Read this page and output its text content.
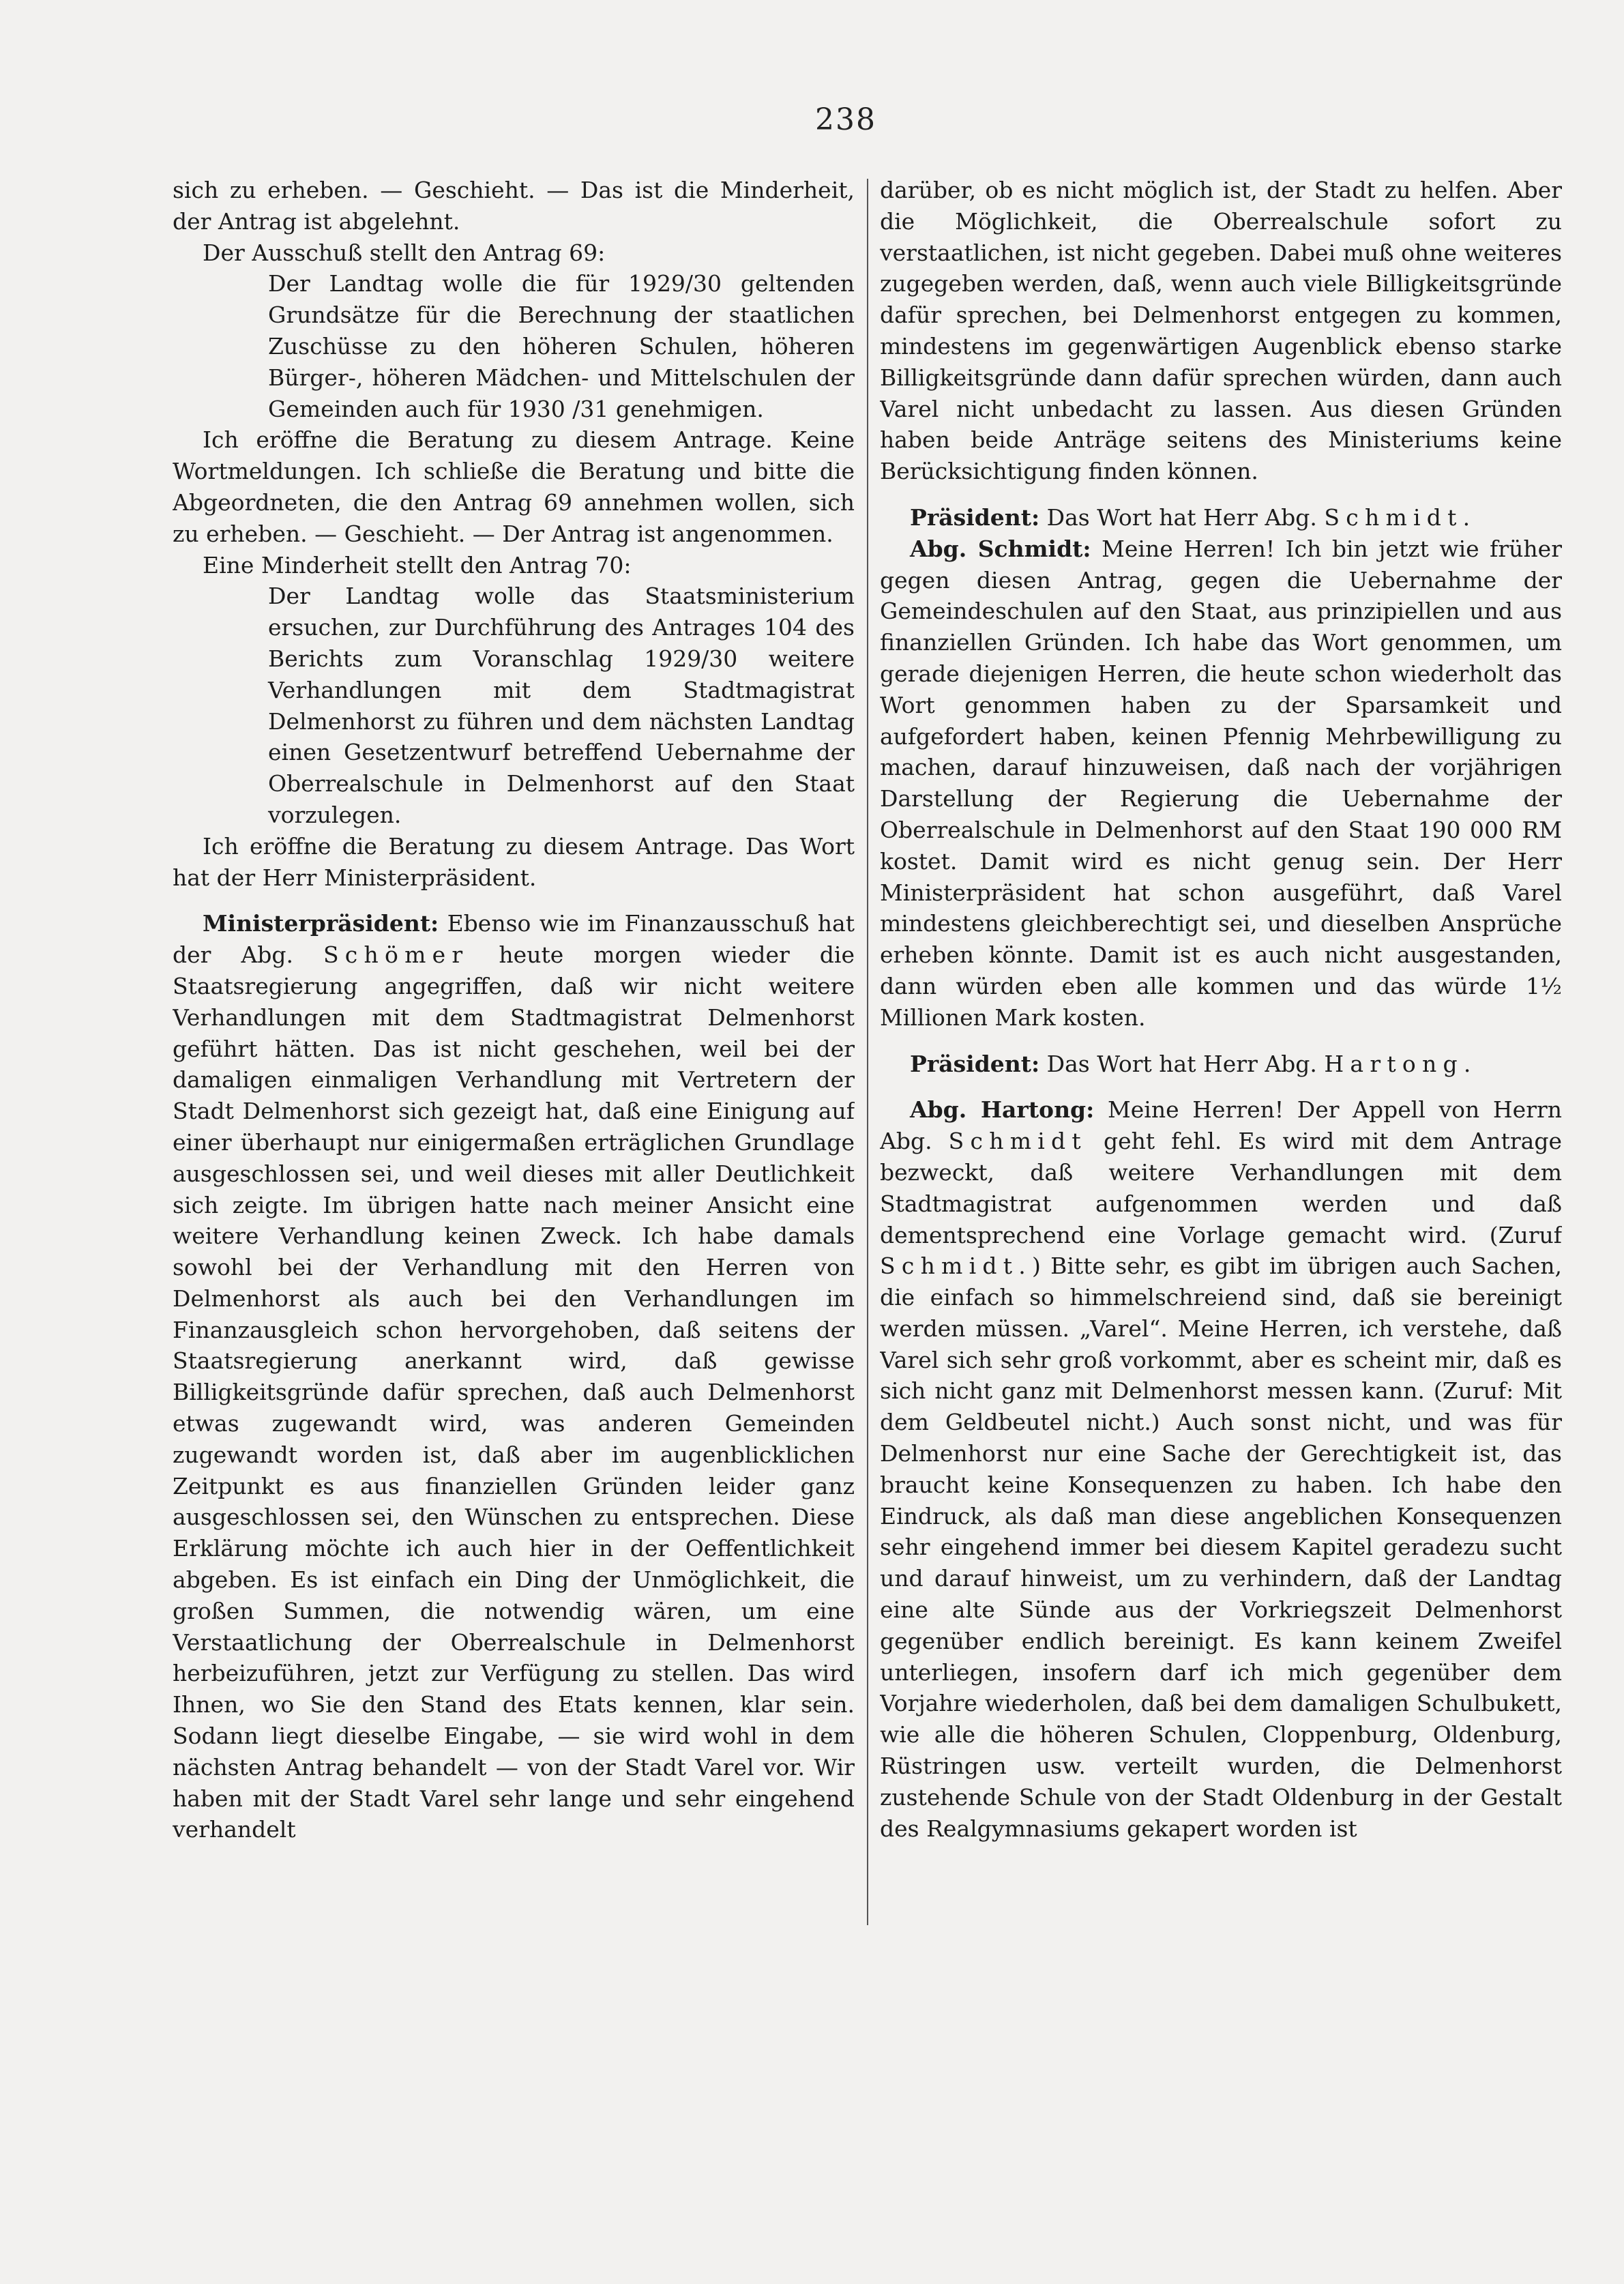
238

sich zu erheben. — Geschieht. — Das ist die Minderheit, der Antrag ist abgelehnt.

Der Ausschuß stellt den Antrag 69:

Der Landtag wolle die für 1929/30 geltenden Grundsätze für die Berechnung der staatlichen Zuschüsse zu den höheren Schulen, höheren Bürger-, höheren Mädchen- und Mittelschulen der Gemeinden auch für 1930 /31 genehmigen.

Ich eröffne die Beratung zu diesem Antrage. Keine Wortmeldungen. Ich schließe die Beratung und bitte die Abgeordneten, die den Antrag 69 annehmen wollen, sich zu erheben. — Geschieht. — Der Antrag ist angenommen.

Eine Minderheit stellt den Antrag 70:

Der Landtag wolle das Staatsministerium ersuchen, zur Durchführung des Antrages 104 des Berichts zum Voranschlag 1929/30 weitere Verhandlungen mit dem Stadtmagistrat Delmenhorst zu führen und dem nächsten Landtag einen Gesetzentwurf betreffend Uebernahme der Oberrealschule in Delmenhorst auf den Staat vorzulegen.

Ich eröffne die Beratung zu diesem Antrage. Das Wort hat der Herr Ministerpräsident.

Ministerpräsident: Ebenso wie im Finanzausschuß hat der Abg. Schömer heute morgen wieder die Staatsregierung angegriffen, daß wir nicht weitere Verhandlungen mit dem Stadtmagistrat Delmenhorst geführt hätten. Das ist nicht geschehen, weil bei der damaligen einmaligen Verhandlung mit Vertretern der Stadt Delmenhorst sich gezeigt hat, daß eine Einigung auf einer überhaupt nur einigermaßen erträglichen Grundlage ausgeschlossen sei, und weil dieses mit aller Deutlichkeit sich zeigte. Im übrigen hatte nach meiner Ansicht eine weitere Verhandlung keinen Zweck. Ich habe damals sowohl bei der Verhandlung mit den Herren von Delmenhorst als auch bei den Verhandlungen im Finanzausgleich schon hervorgehoben, daß seitens der Staatsregierung anerkannt wird, daß gewisse Billigkeitsgründe dafür sprechen, daß auch Delmenhorst etwas zugewandt wird, was anderen Gemeinden zugewandt worden ist, daß aber im augenblicklichen Zeitpunkt es aus finanziellen Gründen leider ganz ausgeschlossen sei, den Wünschen zu entsprechen. Diese Erklärung möchte ich auch hier in der Oeffentlichkeit abgeben. Es ist einfach ein Ding der Unmöglichkeit, die großen Summen, die notwendig wären, um eine Verstaatlichung der Oberrealschule in Delmenhorst herbeizuführen, jetzt zur Verfügung zu stellen. Das wird Ihnen, wo Sie den Stand des Etats kennen, klar sein. Sodann liegt dieselbe Eingabe, — sie wird wohl in dem nächsten Antrag behandelt — von der Stadt Varel vor. Wir haben mit der Stadt Varel sehr lange und sehr eingehend verhandelt

darüber, ob es nicht möglich ist, der Stadt zu helfen. Aber die Möglichkeit, die Oberrealschule sofort zu verstaatlichen, ist nicht gegeben. Dabei muß ohne weiteres zugegeben werden, daß, wenn auch viele Billigkeitsgründe dafür sprechen, bei Delmenhorst entgegen zu kommen, mindestens im gegenwärtigen Augenblick ebenso starke Billigkeitsgründe dann dafür sprechen würden, dann auch Varel nicht unbedacht zu lassen. Aus diesen Gründen haben beide Anträge seitens des Ministeriums keine Berücksichtigung finden können.

Präsident: Das Wort hat Herr Abg. Schmidt.

Abg. Schmidt: Meine Herren! Ich bin jetzt wie früher gegen diesen Antrag, gegen die Uebernahme der Gemeindeschulen auf den Staat, aus prinzipiellen und aus finanziellen Gründen. Ich habe das Wort genommen, um gerade diejenigen Herren, die heute schon wiederholt das Wort genommen haben zu der Sparsamkeit und aufgefordert haben, keinen Pfennig Mehrbewilligung zu machen, darauf hinzuweisen, daß nach der vorjährigen Darstellung der Regierung die Uebernahme der Oberrealschule in Delmenhorst auf den Staat 190 000 RM kostet. Damit wird es nicht genug sein. Der Herr Ministerpräsident hat schon ausgeführt, daß Varel mindestens gleichberechtigt sei, und dieselben Ansprüche erheben könnte. Damit ist es auch nicht ausgestanden, dann würden eben alle kommen und das würde 1½ Millionen Mark kosten.

Präsident: Das Wort hat Herr Abg. Hartong.

Abg. Hartong: Meine Herren! Der Appell von Herrn Abg. Schmidt geht fehl. Es wird mit dem Antrage bezweckt, daß weitere Verhandlungen mit dem Stadtmagistrat aufgenommen werden und daß dementsprechend eine Vorlage gemacht wird. (Zuruf Schmidt.) Bitte sehr, es gibt im übrigen auch Sachen, die einfach so himmelschreiend sind, daß sie bereinigt werden müssen. „Varel“. Meine Herren, ich verstehe, daß Varel sich sehr groß vorkommt, aber es scheint mir, daß es sich nicht ganz mit Delmenhorst messen kann. (Zuruf: Mit dem Geldbeutel nicht.) Auch sonst nicht, und was für Delmenhorst nur eine Sache der Gerechtigkeit ist, das braucht keine Konsequenzen zu haben. Ich habe den Eindruck, als daß man diese angeblichen Konsequenzen sehr eingehend immer bei diesem Kapitel geradezu sucht und darauf hinweist, um zu verhindern, daß der Landtag eine alte Sünde aus der Vorkriegszeit Delmenhorst gegenüber endlich bereinigt. Es kann keinem Zweifel unterliegen, insofern darf ich mich gegenüber dem Vorjahre wiederholen, daß bei dem damaligen Schulbukett, wie alle die höheren Schulen, Cloppenburg, Oldenburg, Rüstringen usw. verteilt wurden, die Delmenhorst zustehende Schule von der Stadt Oldenburg in der Gestalt des Realgymnasiums gekapert worden ist
